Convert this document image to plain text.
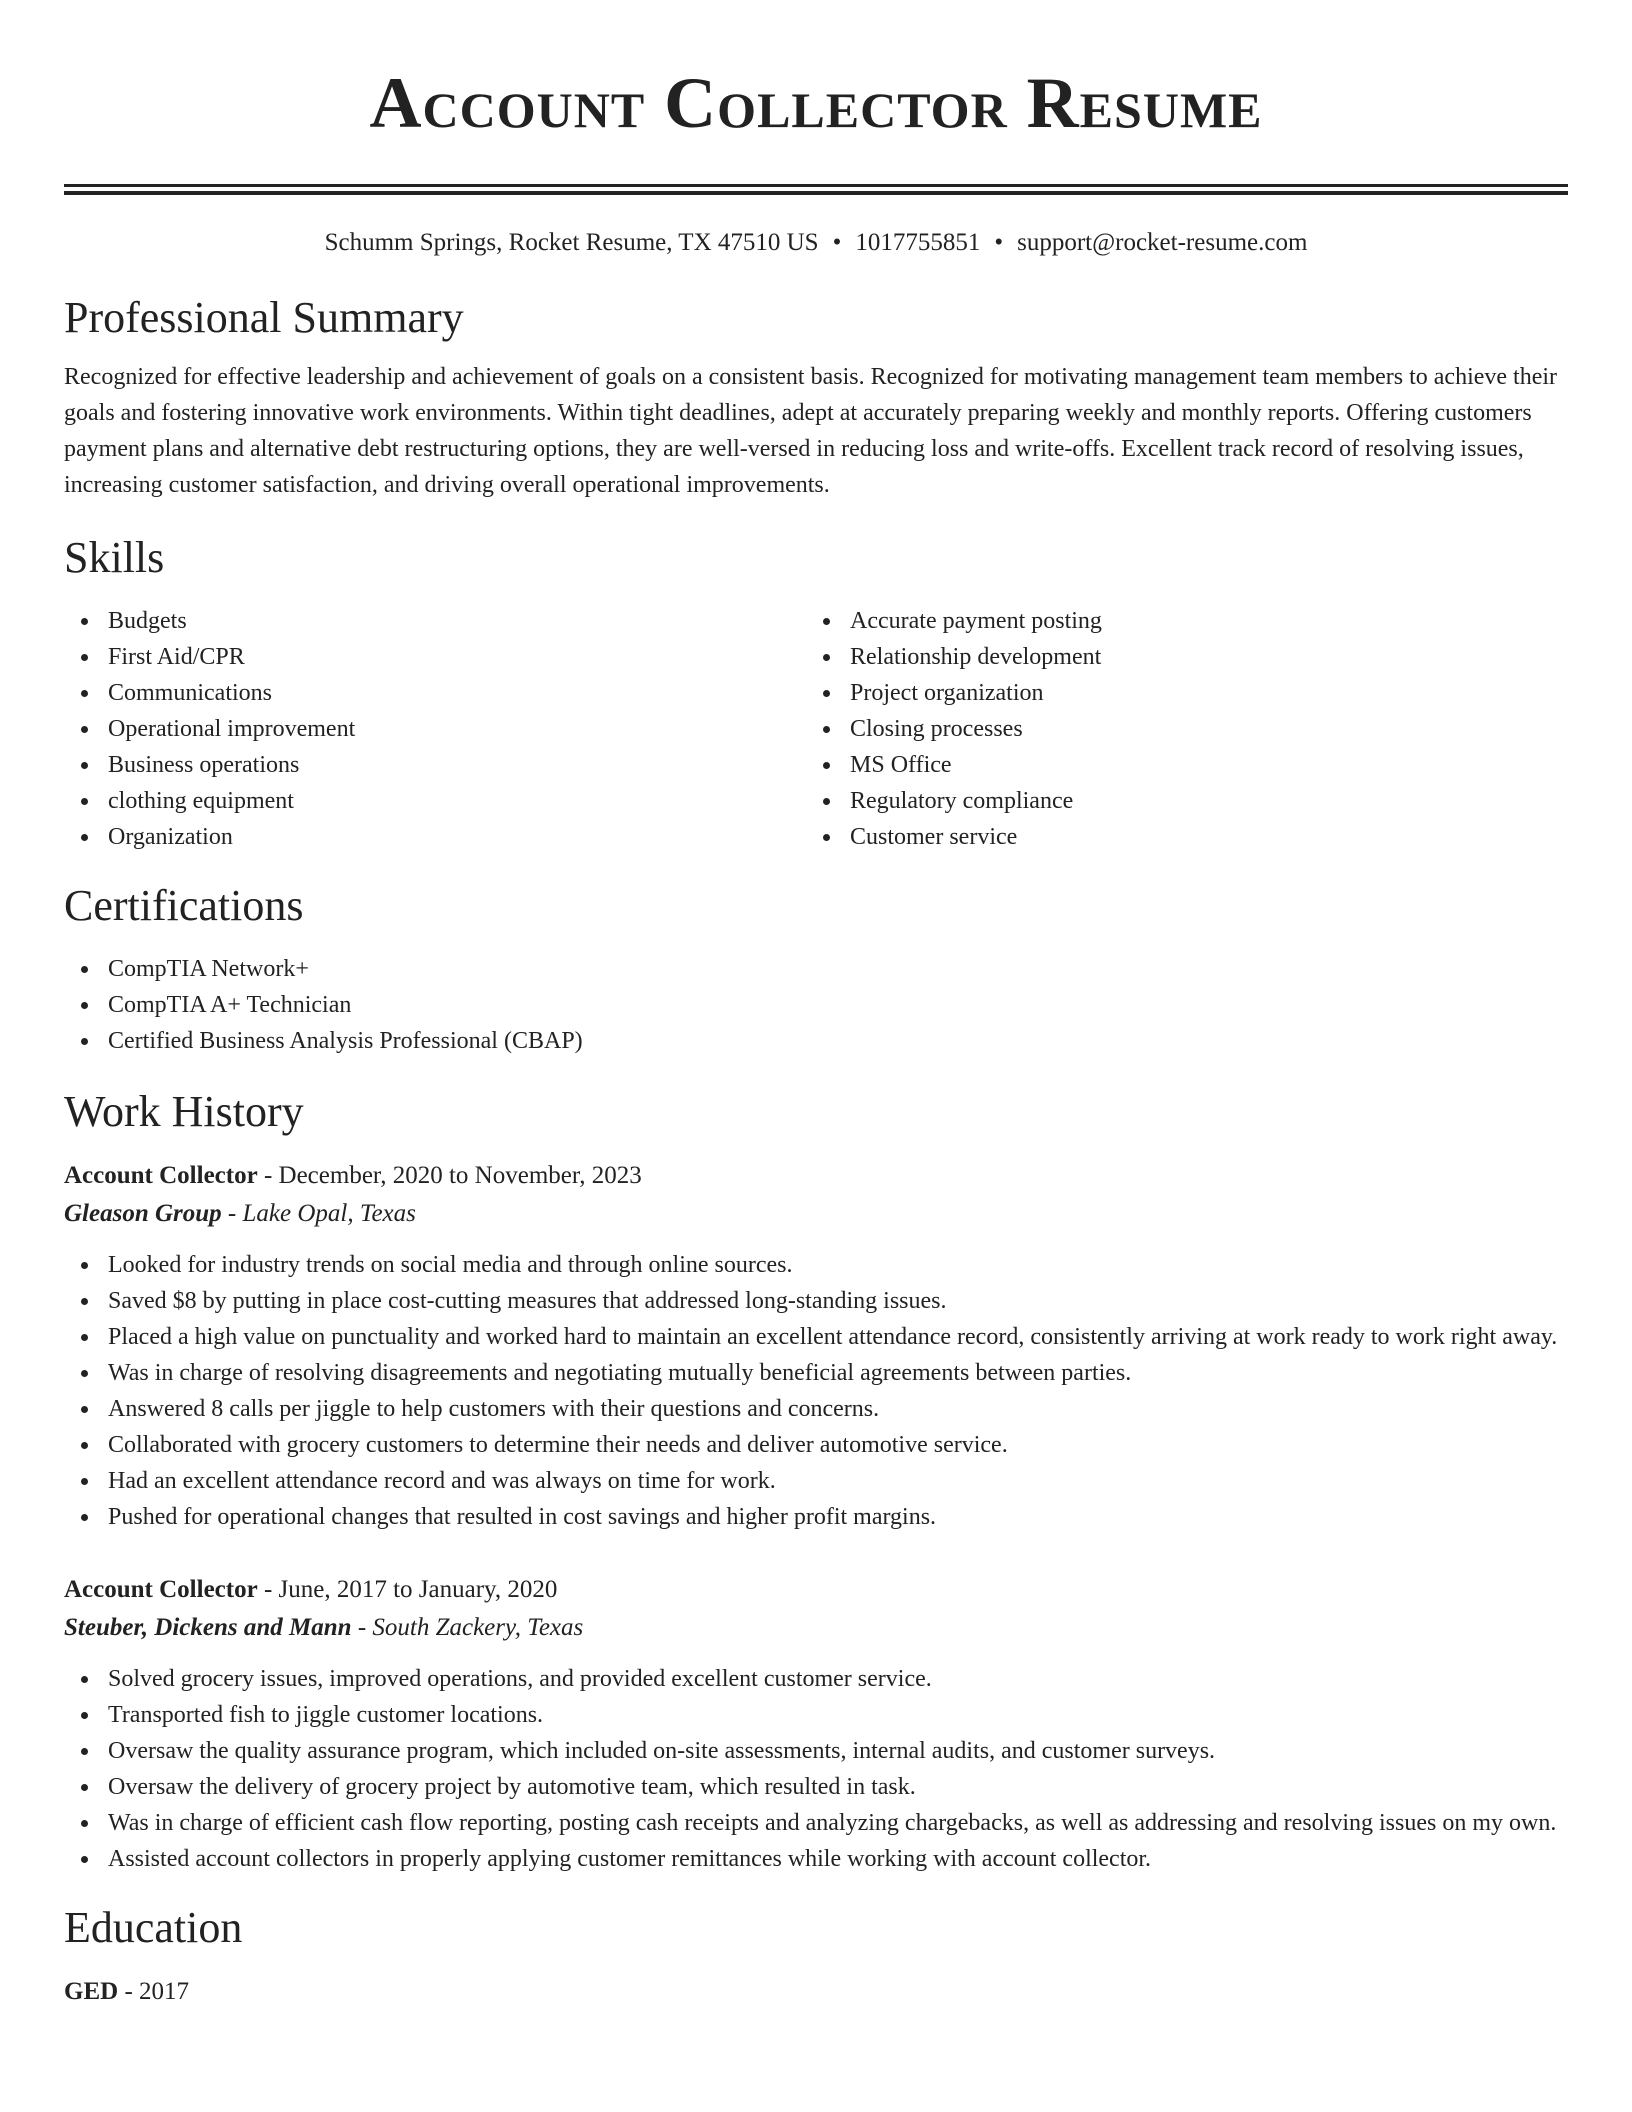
Account Collector Resume
Schumm Springs, Rocket Resume, TX 47510 US • 1017755851 • support@rocket-resume.com
Professional Summary

Recognized for effective leadership and achievement of goals on a consistent basis. Recognized for motivating management team members to achieve their goals and fostering innovative work environments. Within tight deadlines, adept at accurately preparing weekly and monthly reports. Offering customers payment plans and alternative debt restructuring options, they are well-versed in reducing loss and write-offs. Excellent track record of resolving issues, increasing customer satisfaction, and driving overall operational improvements.

Skills
Budgets
First Aid/CPR
Communications
Operational improvement
Business operations
clothing equipment
Organization
Accurate payment posting
Relationship development
Project organization
Closing processes
MS Office
Regulatory compliance
Customer service
Certifications
CompTIA Network+
CompTIA A+ Technician
Certified Business Analysis Professional (CBAP)
Work History
Account Collector - December, 2020 to November, 2023
Gleason Group - Lake Opal, Texas
Looked for industry trends on social media and through online sources.
Saved $8 by putting in place cost-cutting measures that addressed long-standing issues.
Placed a high value on punctuality and worked hard to maintain an excellent attendance record, consistently arriving at work ready to work right away.
Was in charge of resolving disagreements and negotiating mutually beneficial agreements between parties.
Answered 8 calls per jiggle to help customers with their questions and concerns.
Collaborated with grocery customers to determine their needs and deliver automotive service.
Had an excellent attendance record and was always on time for work.
Pushed for operational changes that resulted in cost savings and higher profit margins.
Account Collector - June, 2017 to January, 2020
Steuber, Dickens and Mann - South Zackery, Texas
Solved grocery issues, improved operations, and provided excellent customer service.
Transported fish to jiggle customer locations.
Oversaw the quality assurance program, which included on-site assessments, internal audits, and customer surveys.
Oversaw the delivery of grocery project by automotive team, which resulted in task.
Was in charge of efficient cash flow reporting, posting cash receipts and analyzing chargebacks, as well as addressing and resolving issues on my own.
Assisted account collectors in properly applying customer remittances while working with account collector.
Education
GED - 2017
